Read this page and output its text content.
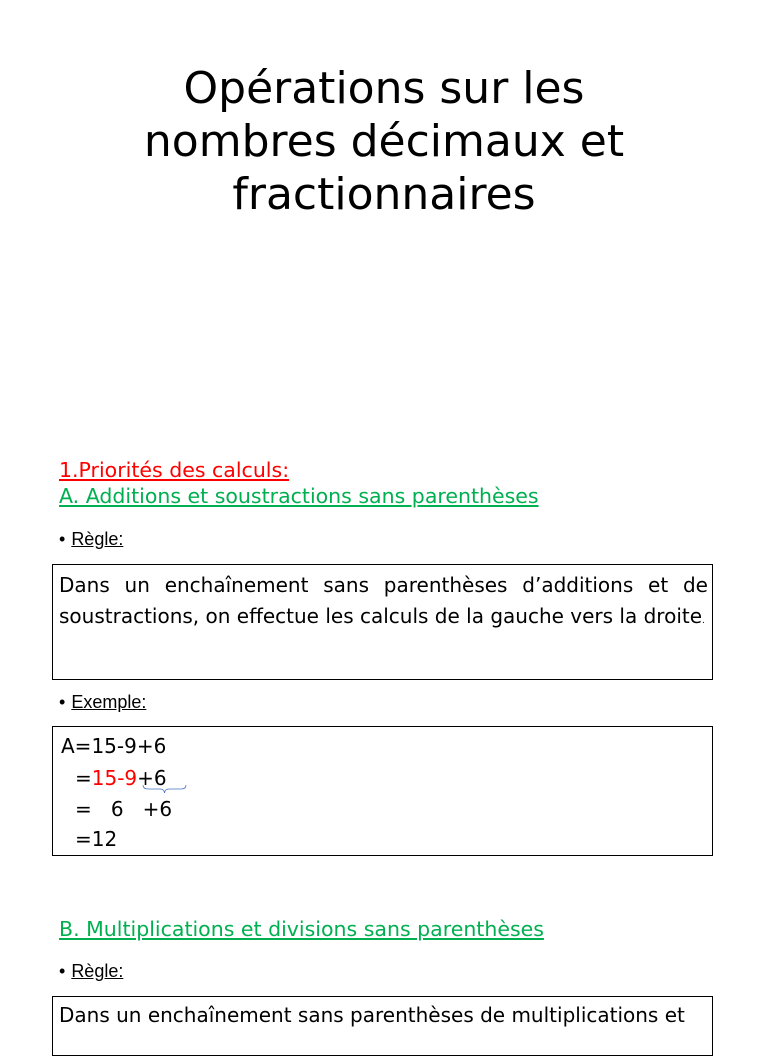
Opérations sur les
nombres décimaux et
fractionnaires
1.Priorités des calculs:
A. Additions et soustractions sans parenthèses
• Règle:

Dans un enchaînement sans parenthèses d’additions et de soustractions, on effectue les calculs de la gauche vers la droite.

• Exemple:
A=15-9+6
=15-9+6
=   6   +6
=12
B. Multiplications et divisions sans parenthèses
• Règle:

Dans un enchaînement sans parenthèses de multiplications et
